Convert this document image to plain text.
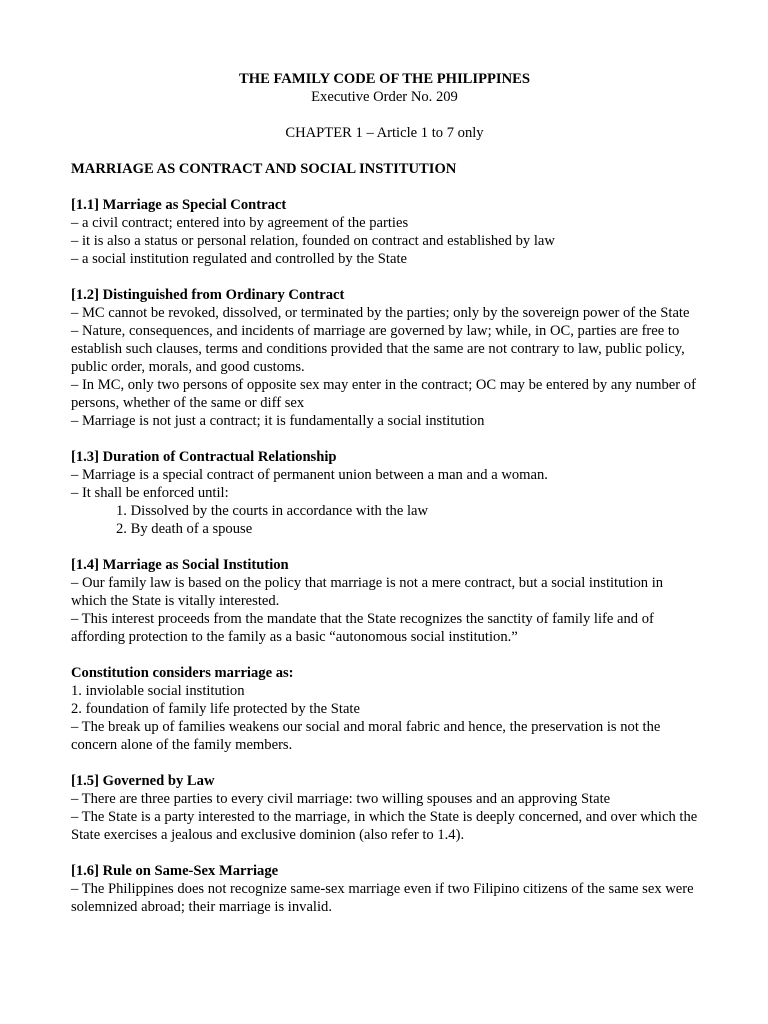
THE FAMILY CODE OF THE PHILIPPINES

Executive Order No. 209

CHAPTER 1 – Article 1 to 7 only

MARRIAGE AS CONTRACT AND SOCIAL INSTITUTION

[1.1] Marriage as Special Contract

– a civil contract; entered into by agreement of the parties

– it is also a status or personal relation, founded on contract and established by law

– a social institution regulated and controlled by the State

[1.2] Distinguished from Ordinary Contract

– MC cannot be revoked, dissolved, or terminated by the parties; only by the sovereign power of the State

– Nature, consequences, and incidents of marriage are governed by law; while, in OC, parties are free to establish such clauses, terms and conditions provided that the same are not contrary to law, public policy, public order, morals, and good customs.

– In MC, only two persons of opposite sex may enter in the contract; OC may be entered by any number of persons, whether of the same or diff sex

– Marriage is not just a contract; it is fundamentally a social institution

[1.3] Duration of Contractual Relationship

– Marriage is a special contract of permanent union between a man and a woman.

– It shall be enforced until:

1. Dissolved by the courts in accordance with the law

2. By death of a spouse

[1.4] Marriage as Social Institution

– Our family law is based on the policy that marriage is not a mere contract, but a social institution in which the State is vitally interested.

– This interest proceeds from the mandate that the State recognizes the sanctity of family life and of affording protection to the family as a basic “autonomous social institution.”

Constitution considers marriage as:

1. inviolable social institution

2. foundation of family life protected by the State

– The break up of families weakens our social and moral fabric and hence, the preservation is not the concern alone of the family members.

[1.5] Governed by Law

– There are three parties to every civil marriage: two willing spouses and an approving State

– The State is a party interested to the marriage, in which the State is deeply concerned, and over which the State exercises a jealous and exclusive dominion (also refer to 1.4).

[1.6] Rule on Same-Sex Marriage

– The Philippines does not recognize same-sex marriage even if two Filipino citizens of the same sex were solemnized abroad; their marriage is invalid.
